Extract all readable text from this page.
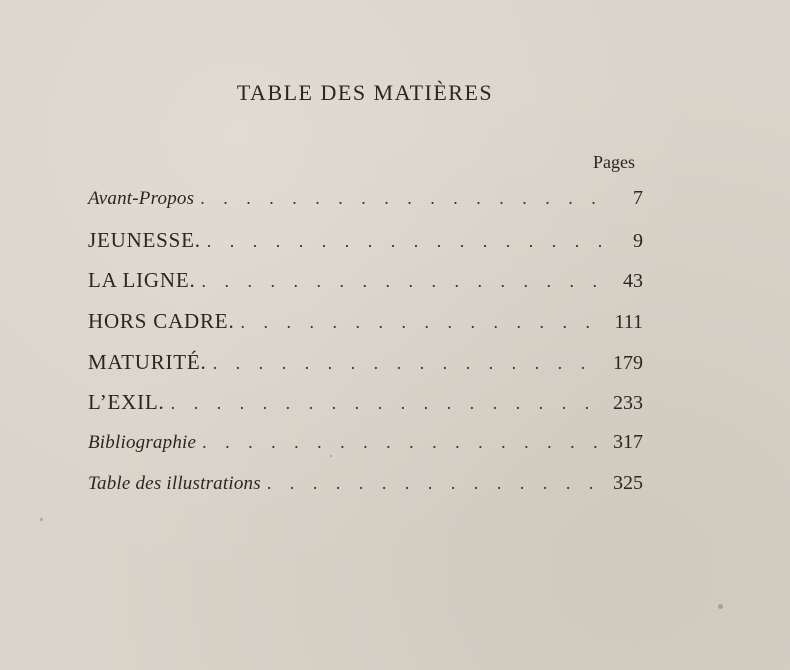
TABLE DES MATIÈRES
Pages
Avant-Propos . . .	7
JEUNESSE. . . .	9
LA LIGNE. . . .	43
HORS CADRE. . . .	111
MATURITÉ. . . .	179
L’EXIL. . . .	233
Bibliographie . . .	317
Table des illustrations . . .	325
